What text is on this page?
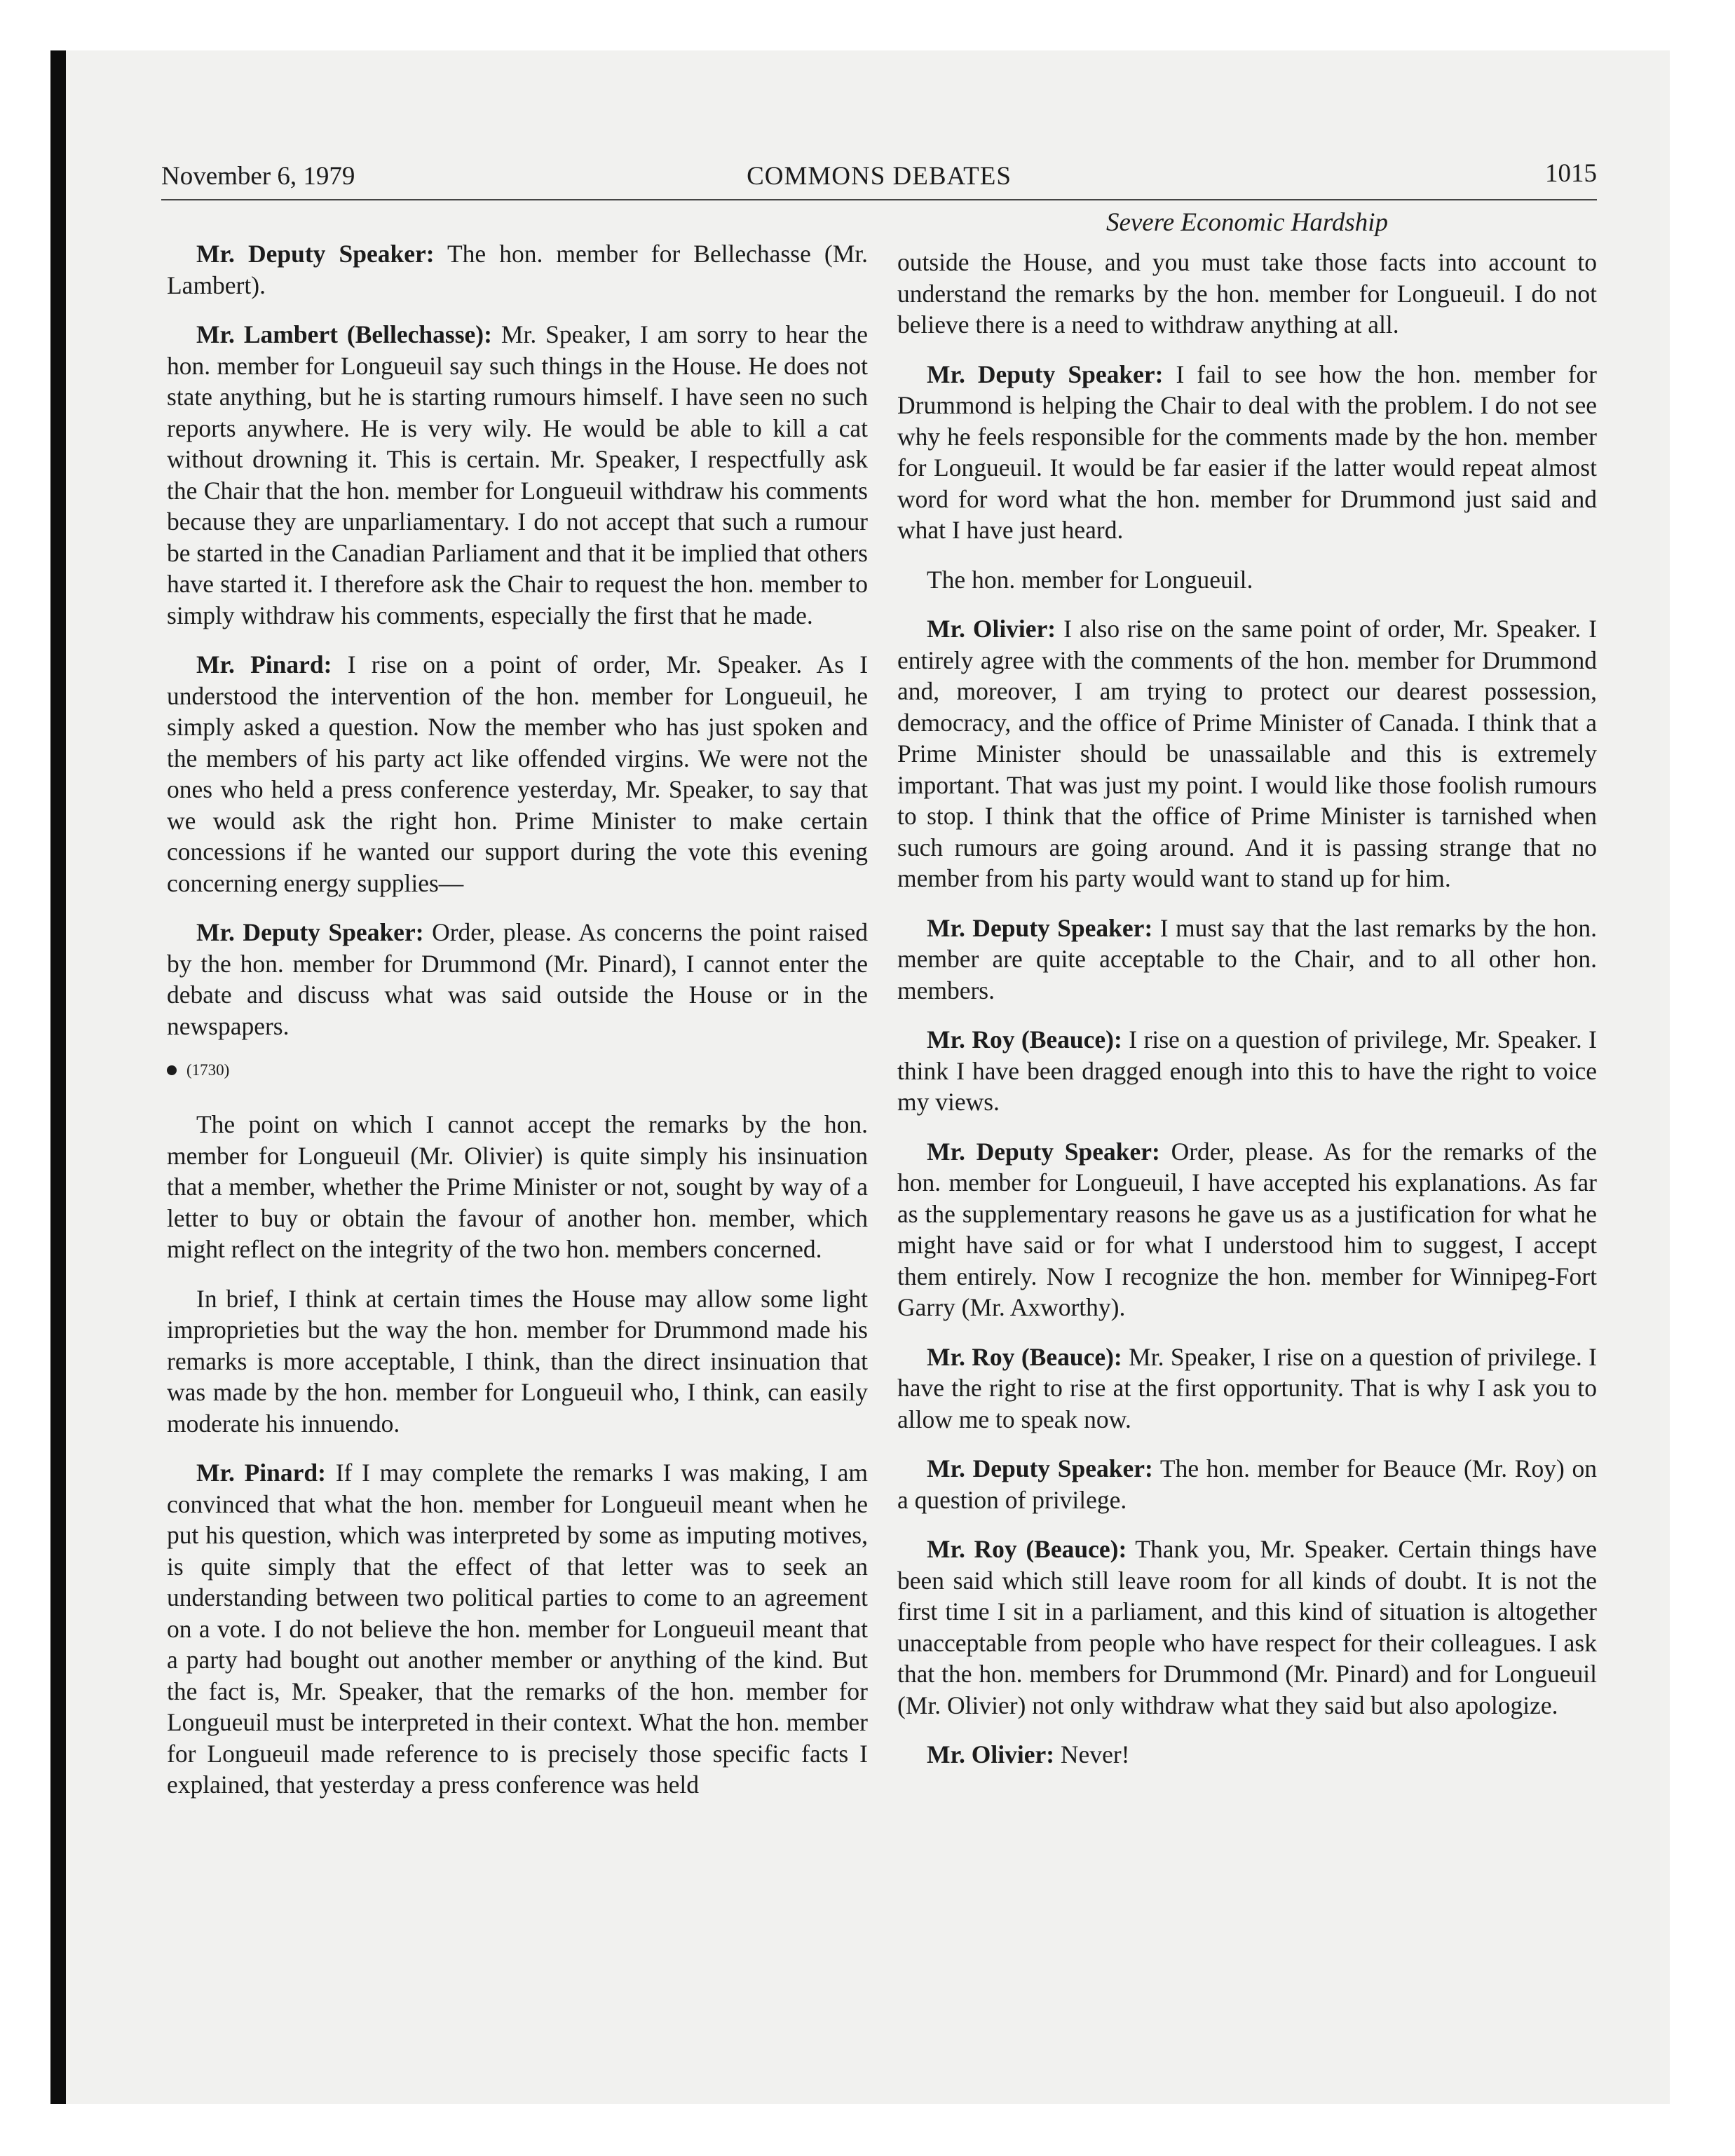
November 6, 1979	COMMONS DEBATES	1015
Severe Economic Hardship

Mr. Deputy Speaker: The hon. member for Bellechasse (Mr. Lambert).

Mr. Lambert (Bellechasse): Mr. Speaker, I am sorry to hear the hon. member for Longueuil say such things in the House. He does not state anything, but he is starting rumours himself. I have seen no such reports anywhere. He is very wily. He would be able to kill a cat without drowning it. This is certain. Mr. Speaker, I respectfully ask the Chair that the hon. member for Longueuil withdraw his comments because they are unparliamentary. I do not accept that such a rumour be started in the Canadian Parliament and that it be implied that others have started it. I therefore ask the Chair to request the hon. member to simply withdraw his comments, especially the first that he made.

Mr. Pinard: I rise on a point of order, Mr. Speaker. As I understood the intervention of the hon. member for Longueuil, he simply asked a question. Now the member who has just spoken and the members of his party act like offended virgins. We were not the ones who held a press conference yesterday, Mr. Speaker, to say that we would ask the right hon. Prime Minister to make certain concessions if he wanted our support during the vote this evening concerning energy supplies—

Mr. Deputy Speaker: Order, please. As concerns the point raised by the hon. member for Drummond (Mr. Pinard), I cannot enter the debate and discuss what was said outside the House or in the newspapers.

(1730)

The point on which I cannot accept the remarks by the hon. member for Longueuil (Mr. Olivier) is quite simply his insinuation that a member, whether the Prime Minister or not, sought by way of a letter to buy or obtain the favour of another hon. member, which might reflect on the integrity of the two hon. members concerned.

In brief, I think at certain times the House may allow some light improprieties but the way the hon. member for Drummond made his remarks is more acceptable, I think, than the direct insinuation that was made by the hon. member for Longueuil who, I think, can easily moderate his innuendo.

Mr. Pinard: If I may complete the remarks I was making, I am convinced that what the hon. member for Longueuil meant when he put his question, which was interpreted by some as imputing motives, is quite simply that the effect of that letter was to seek an understanding between two political parties to come to an agreement on a vote. I do not believe the hon. member for Longueuil meant that a party had bought out another member or anything of the kind. But the fact is, Mr. Speaker, that the remarks of the hon. member for Longueuil must be interpreted in their context. What the hon. member for Longueuil made reference to is precisely those specific facts I explained, that yesterday a press conference was held

outside the House, and you must take those facts into account to understand the remarks by the hon. member for Longueuil. I do not believe there is a need to withdraw anything at all.

Mr. Deputy Speaker: I fail to see how the hon. member for Drummond is helping the Chair to deal with the problem. I do not see why he feels responsible for the comments made by the hon. member for Longueuil. It would be far easier if the latter would repeat almost word for word what the hon. member for Drummond just said and what I have just heard.

The hon. member for Longueuil.

Mr. Olivier: I also rise on the same point of order, Mr. Speaker. I entirely agree with the comments of the hon. member for Drummond and, moreover, I am trying to protect our dearest possession, democracy, and the office of Prime Minister of Canada. I think that a Prime Minister should be unassailable and this is extremely important. That was just my point. I would like those foolish rumours to stop. I think that the office of Prime Minister is tarnished when such rumours are going around. And it is passing strange that no member from his party would want to stand up for him.

Mr. Deputy Speaker: I must say that the last remarks by the hon. member are quite acceptable to the Chair, and to all other hon. members.

Mr. Roy (Beauce): I rise on a question of privilege, Mr. Speaker. I think I have been dragged enough into this to have the right to voice my views.

Mr. Deputy Speaker: Order, please. As for the remarks of the hon. member for Longueuil, I have accepted his explanations. As far as the supplementary reasons he gave us as a justification for what he might have said or for what I understood him to suggest, I accept them entirely. Now I recognize the hon. member for Winnipeg-Fort Garry (Mr. Axworthy).

Mr. Roy (Beauce): Mr. Speaker, I rise on a question of privilege. I have the right to rise at the first opportunity. That is why I ask you to allow me to speak now.

Mr. Deputy Speaker: The hon. member for Beauce (Mr. Roy) on a question of privilege.

Mr. Roy (Beauce): Thank you, Mr. Speaker. Certain things have been said which still leave room for all kinds of doubt. It is not the first time I sit in a parliament, and this kind of situation is altogether unacceptable from people who have respect for their colleagues. I ask that the hon. members for Drummond (Mr. Pinard) and for Longueuil (Mr. Olivier) not only withdraw what they said but also apologize.

Mr. Olivier: Never!
